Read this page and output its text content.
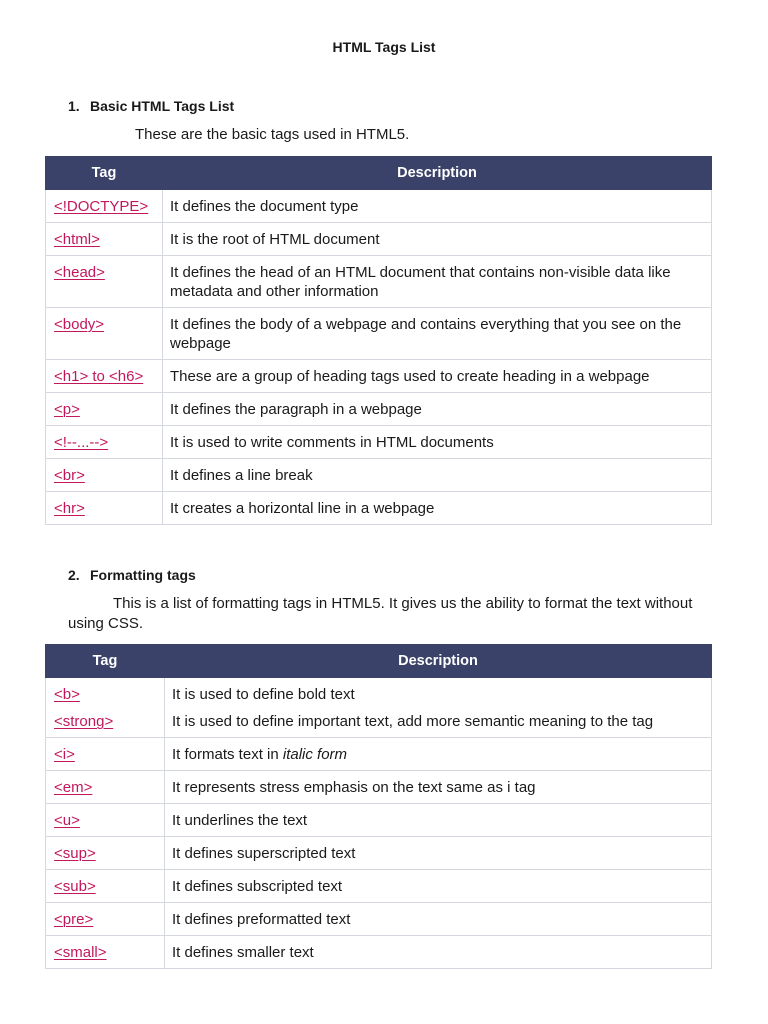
HTML Tags List
1. Basic HTML Tags List
These are the basic tags used in HTML5.
Tag	Description
<!DOCTYPE>	It defines the document type
<html>	It is the root of HTML document
<head>	It defines the head of an HTML document that contains non-visible data like metadata and other information
<body>	It defines the body of a webpage and contains everything that you see on the webpage
<h1> to <h6>	These are a group of heading tags used to create heading in a webpage
<p>	It defines the paragraph in a webpage
<!--...-->	It is used to write comments in HTML documents
<br>	It defines a line break
<hr>	It creates a horizontal line in a webpage
2. Formatting tags
This is a list of formatting tags in HTML5. It gives us the ability to format the text without using CSS.
Tag	Description
<b>	It is used to define bold text
<strong>	It is used to define important text, add more semantic meaning to the tag
<i>	It formats text in italic form
<em>	It represents stress emphasis on the text same as i tag
<u>	It underlines the text
<sup>	It defines superscripted text
<sub>	It defines subscripted text
<pre>	It defines preformatted text
<small>	It defines smaller text
